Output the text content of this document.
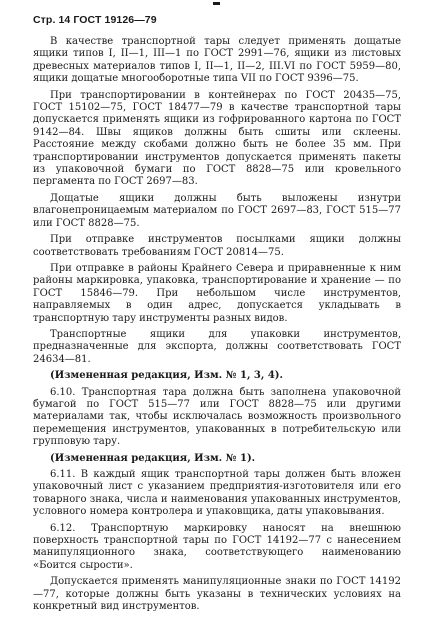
Стр. 14 ГОСТ 19126—79

В качестве транспортной тары следует применять дощатые ящики типов I, II—1, III—1 по ГОСТ 2991—76, ящики из листовых древесных материалов типов I, II—1, II—2, III.VI по ГОСТ 5959—80, ящики дощатые многооборотные типа VII по ГОСТ 9396—75.

При транспортировании в контейнерах по ГОСТ 20435—75, ГОСТ 15102—75, ГОСТ 18477—79 в качестве транспортной тары допускается применять ящики из гофрированного картона по ГОСТ 9142—84. Швы ящиков должны быть сшиты или склеены. Расстояние между скобами должно быть не более 35 мм. При транспортировании инструментов допускается применять пакеты из упаковочной бумаги по ГОСТ 8828—75 или кровельного пергамента по ГОСТ 2697—83.

Дощатые ящики должны быть выложены изнутри влагонепроницаемым материалом по ГОСТ 2697—83, ГОСТ 515—77 или ГОСТ 8828—75.

При отправке инструментов посылками ящики должны соответствовать требованиям ГОСТ 20814—75.

При отправке в районы Крайнего Севера и приравненные к ним районы маркировка, упаковка, транспортирование и хранение — по ГОСТ 15846—79. При небольшом числе инструментов, направляемых в один адрес, допускается укладывать в транспортную тару инструменты разных видов.

Транспортные ящики для упаковки инструментов, предназначенные для экспорта, должны соответствовать ГОСТ 24634—81.

(Измененная редакция, Изм. № 1, 3, 4).

6.10. Транспортная тара должна быть заполнена упаковочной бумагой по ГОСТ 515—77 или ГОСТ 8828—75 или другими материалами так, чтобы исключалась возможность произвольного перемещения инструментов, упакованных в потребительскую или групповую тару.

(Измененная редакция, Изм. № 1).

6.11. В каждый ящик транспортной тары должен быть вложен упаковочный лист с указанием предприятия-изготовителя или его товарного знака, числа и наименования упакованных инструментов, условного номера контролера и упаковщика, даты упаковывания.

6.12. Транспортную маркировку наносят на внешнюю поверхность транспортной тары по ГОСТ 14192—77 с нанесением манипуляционного знака, соответствующего наименованию «Боится сырости».

Допускается применять манипуляционные знаки по ГОСТ 14192—77, которые должны быть указаны в технических условиях на конкретный вид инструментов.
